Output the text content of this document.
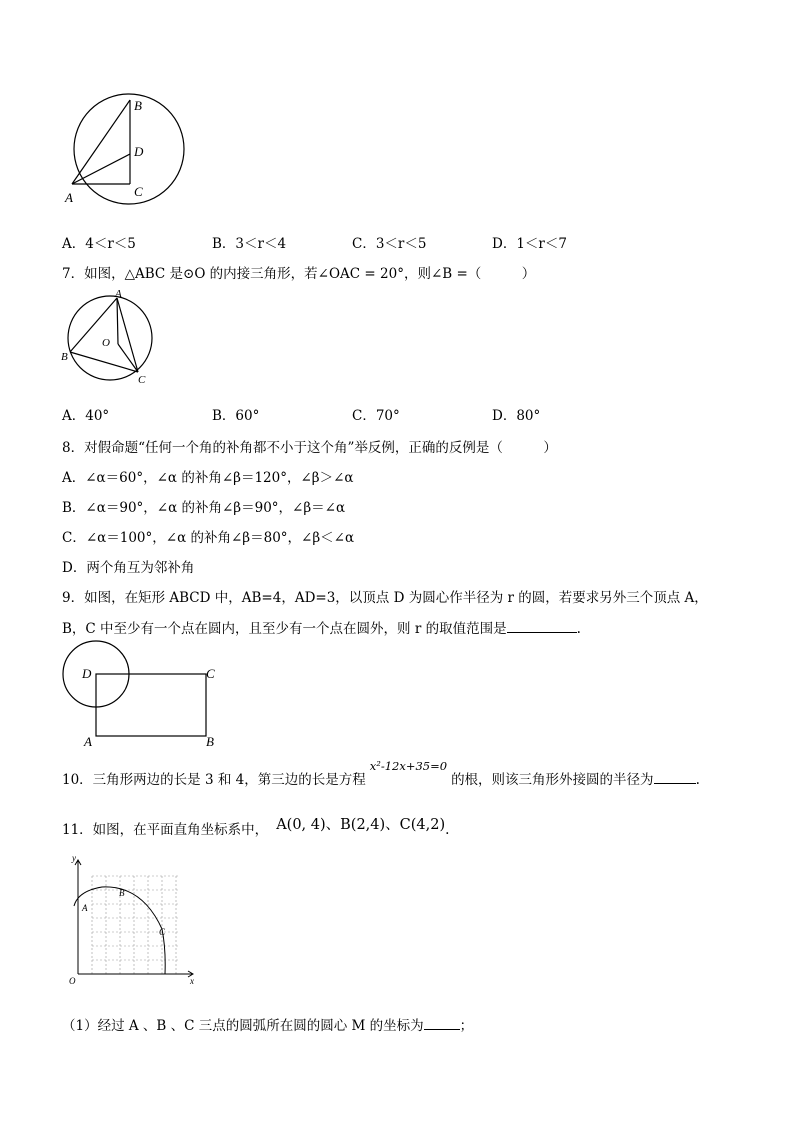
B
D
A	C
A．4＜r＜5	B．3＜r＜4	C．3＜r＜5	D．1＜r＜7
7．如图，△ABC 是⊙O 的内接三角形，若∠OAC = 20°，则∠B =（　　　）
A
O
B
C
A．40°	B．60°	C．70°	D．80°
8．对假命题“任何一个角的补角都不小于这个角”举反例，正确的反例是（　　　）
A．∠α＝60°，∠α 的补角∠β＝120°，∠β＞∠α
B．∠α＝90°，∠α 的补角∠β＝90°，∠β＝∠α
C．∠α＝100°，∠α 的补角∠β＝80°，∠β＜∠α
D．两个角互为邻补角
9．如图，在矩形 ABCD 中，AB=4，AD=3，以顶点 D 为圆心作半径为 r 的圆，若要求另外三个顶点 A，
B，C 中至少有一个点在圆内，且至少有一个点在圆外，则 r 的取值范围是	.
D	C
A	B
10．三角形两边的长是 3 和 4，第三边的长是方程x²-12x+35=0的根，则该三角形外接圆的半径为	.
11．如图，在平面直角坐标系中， A(0, 4)、B(2,4)、C(4,2).
y
x
O
A
B
C
（1）经过 A 、B 、C 三点的圆弧所在圆的圆心 M 的坐标为	；
